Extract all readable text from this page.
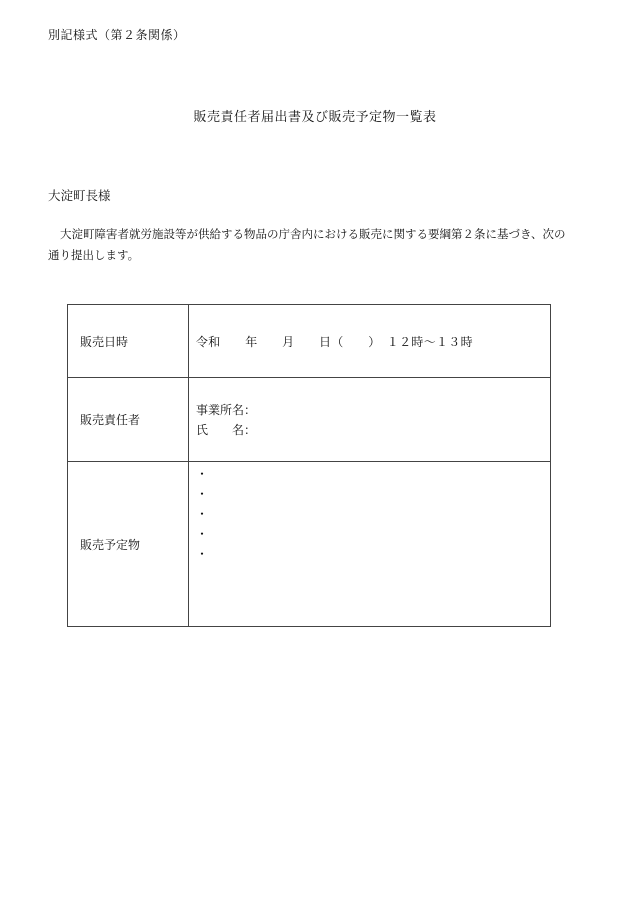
別記様式（第２条関係）
販売責任者届出書及び販売予定物一覧表
大淀町長様
大淀町障害者就労施設等が供給する物品の庁舎内における販売に関する要綱第２条に基づき、次の通り提出します。
販売日時	令和　　年　　月　　日（　　）　１２時～１３時
販売責任者	事業所名：
氏　　名：

販売予定物	・
・
・
・
・
